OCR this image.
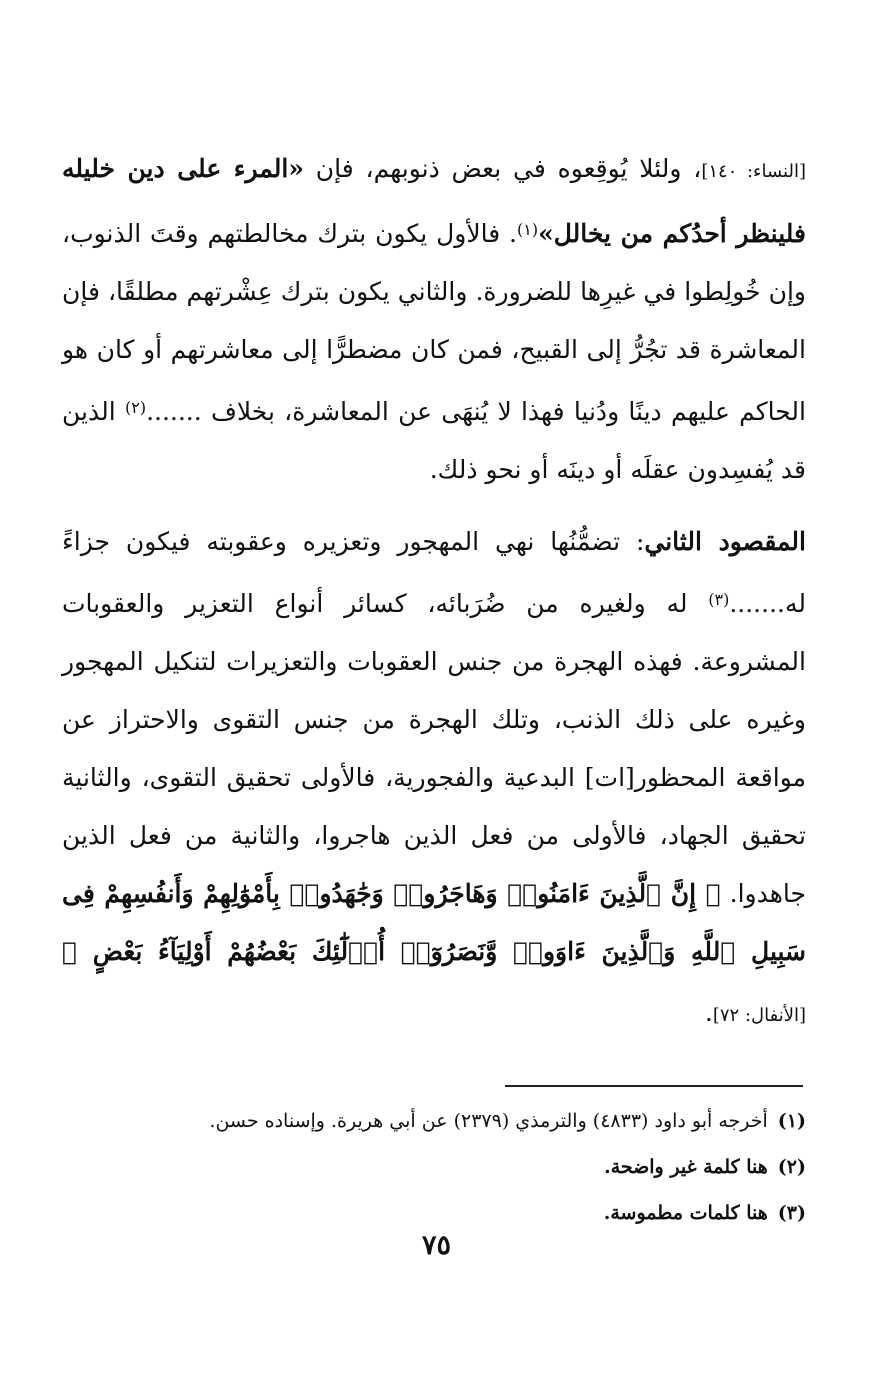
[النساء: ١٤٠]، ولئلا يُوقِعوه في بعض ذنوبهم، فإن «المرء على دين خليله فلينظر أحدُكم من يخالل»$^{(١)}$. فالأول يكون بترك مخالطتهم وقتَ الذنوب، وإن خُولِطوا في غيرِها للضرورة. والثاني يكون بترك عِشْرتهم مطلقًا، فإن المعاشرة قد تجُرُّ إلى القبيح، فمن كان مضطرًّا إلى معاشرتهم أو كان هو الحاكم عليهم دينًا ودُنيا فهذا لا يُنهَى عن المعاشرة، بخلاف .......$^{(٢)}$ الذين قد يُفسِدون عقلَه أو دينَه أو نحو ذلك.

المقصود الثاني: تضمُّنُها نهي المهجور وتعزيره وعقوبته فيكون جزاءً له.......$^{(٣)}$ له ولغيره من ضُرَبائه، كسائر أنواع التعزير والعقوبات المشروعة. فهذه الهجرة من جنس العقوبات والتعزيرات لتنكيل المهجور وغيره على ذلك الذنب، وتلك الهجرة من جنس التقوى والاحتراز عن مواقعة المحظور[ات] البدعية والفجورية، فالأولى تحقيق التقوى، والثانية تحقيق الجهاد، فالأولى من فعل الذين هاجروا، والثانية من فعل الذين جاهدوا. ﴿ إِنَّ ٱلَّذِينَ ءَامَنُوا۟ وَهَاجَرُوا۟ وَجَٰهَدُوا۟ بِأَمْوَٰلِهِمْ وَأَنفُسِهِمْ فِى سَبِيلِ ٱللَّهِ وَٱلَّذِينَ ءَاوَوا۟ وَّنَصَرُوٓا۟ أُو۟لَٰٓئِكَ بَعْضُهُمْ أَوْلِيَآءُ بَعْضٍ ﴾ [الأنفال: ٧٢].

(١)أخرجه أبو داود (٤٨٣٣) والترمذي (٢٣٧٩) عن أبي هريرة. وإسناده حسن.

(٢)هنا كلمة غير واضحة.

(٣)هنا كلمات مطموسة.

٧٥
